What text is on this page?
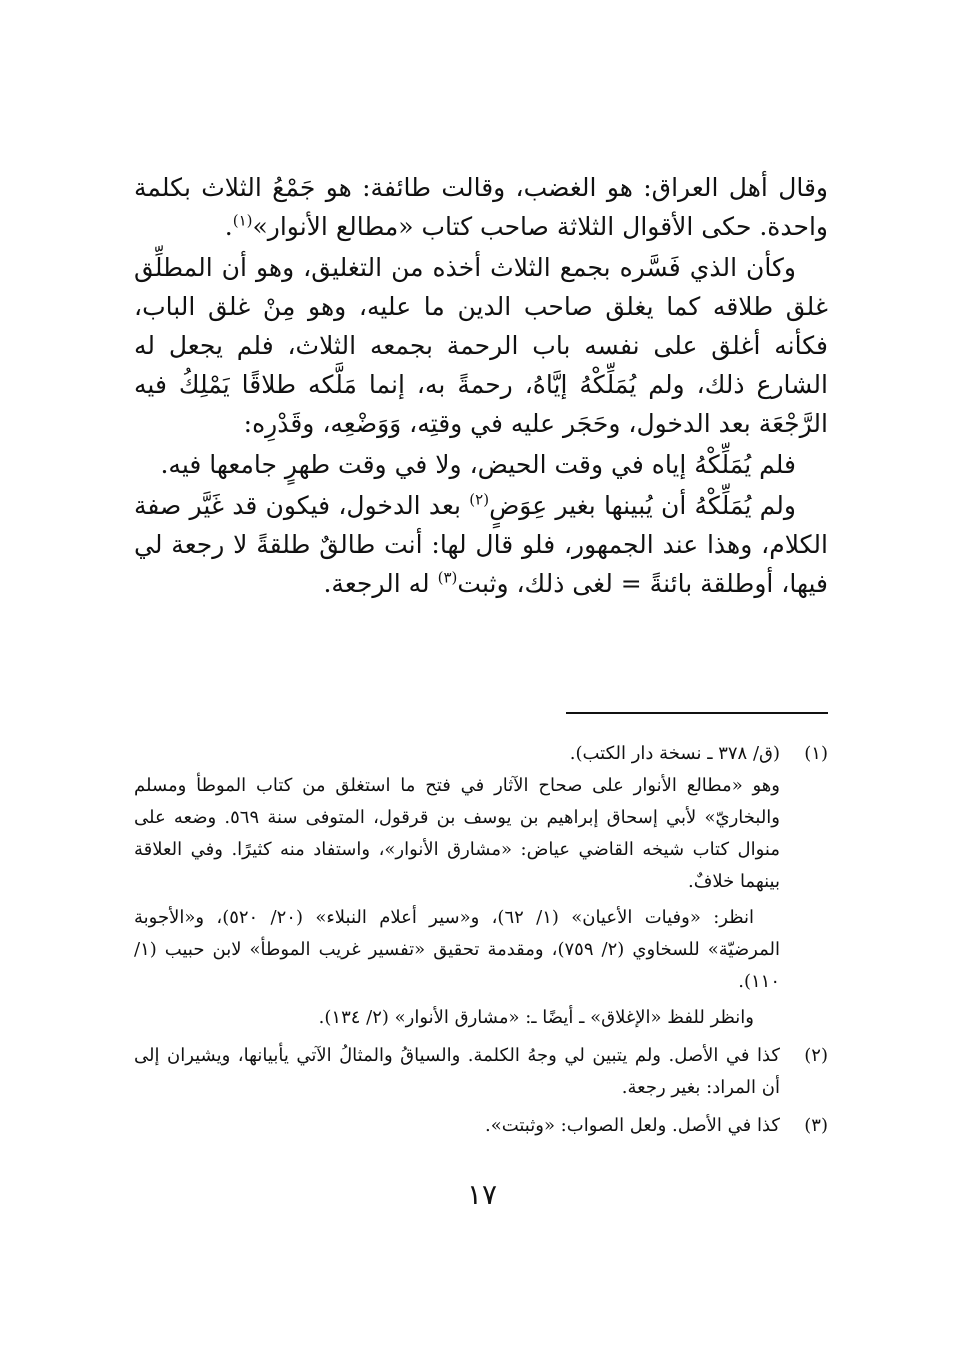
وقال أهل العراق: هو الغضب، وقالت طائفة: هو جَمْعُ الثلاث بكلمة واحدة. حكى الأقوال الثلاثة صاحب كتاب «مطالع الأنوار»$^{(١)}$.

وكأن الذي فَسَّره بجمع الثلاث أخذه من التغليق، وهو أن المطلِّق غلق طلاقه كما يغلق صاحب الدين ما عليه، وهو مِنْ غلق الباب، فكأنه أغلق على نفسه باب الرحمة بجمعه الثلاث، فلم يجعل له الشارع ذلك، ولم يُمَلِّكْهُ إيَّاهُ، رحمةً به، إنما مَلَّكه طلاقًا يَمْلِكُ فيه الرَّجْعَة بعد الدخول، وحَجَر عليه في وقتِه، وَوَضْعِه، وقَدْرِه:

فلم يُمَلِّكْهُ إياه في وقت الحيض، ولا في وقت طهرٍ جامعها فيه.

ولم يُمَلِّكْهُ أن يُبينها بغير عِوَضٍ$^{(٢)}$ بعد الدخول، فيكون قد غَيَّر صفة الكلام، وهذا عند الجمهور، فلو قال لها: أنت طالقٌ طلقةً لا رجعة لي فيها، أوطلقة بائنةً = لغى ذلك، وثبت$^{(٣)}$ له الرجعة.

(١)

(ق/ ٣٧٨ ـ نسخة دار الكتب).

وهو «مطالع الأنوار على صحاح الآثار في فتح ما استغلق من كتاب الموطأ ومسلم والبخاريّ» لأبي إسحاق إبراهيم بن يوسف بن قرقول، المتوفى سنة ٥٦٩. وضعه على منوال كتاب شيخه القاضي عياض: «مشارق الأنوار»، واستفاد منه كثيرًا. وفي العلاقة بينهما خلافٌ.

انظر: «وفيات الأعيان» (١/ ٦٢)، و«سير أعلام النبلاء» (٢٠/ ٥٢٠)، و«الأجوبة المرضيّة» للسخاوي (٢/ ٧٥٩)، ومقدمة تحقيق «تفسير غريب الموطأ» لابن حبيب (١/ ١١٠).

وانظر للفظ «الإغلاق» ـ أيضًا ـ: «مشارق الأنوار» (٢/ ١٣٤).

(٢)

كذا في الأصل. ولم يتبين لي وجهُ الكلمة. والسياقُ والمثالُ الآتي يأبيانها، ويشيران إلى أن المراد: بغير رجعة.

(٣)

كذا في الأصل. ولعل الصواب: «وثبتت».

١٧
